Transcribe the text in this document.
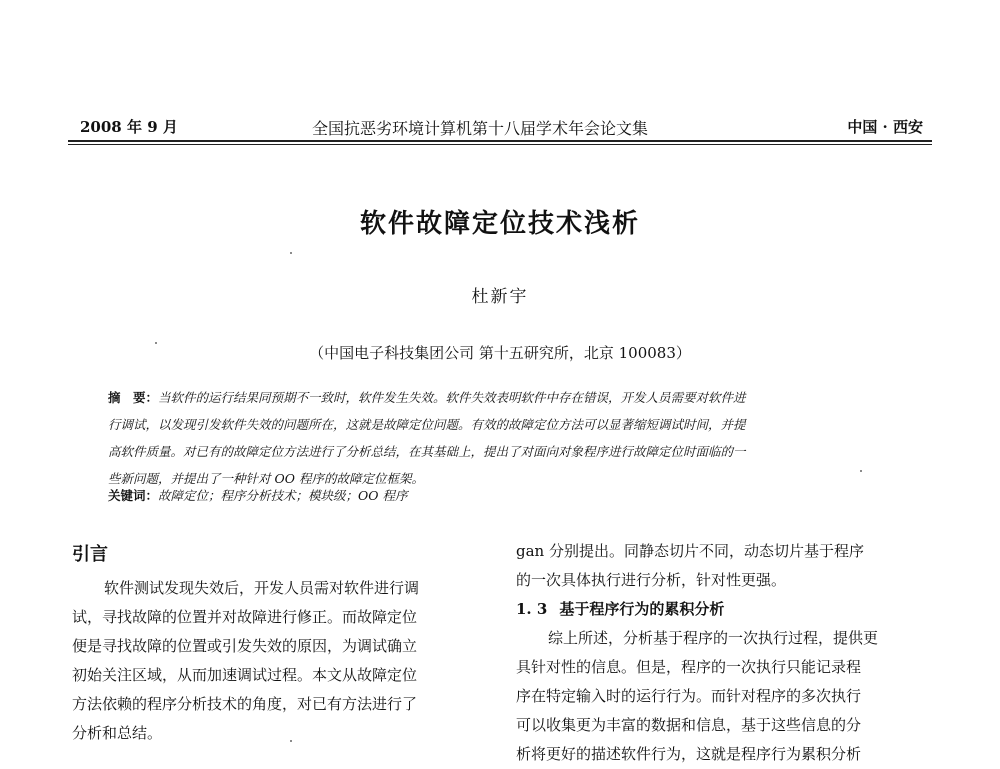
2008 年 9 月	全国抗恶劣环境计算机第十八届学术年会论文集	中国 · 西安
软件故障定位技术浅析
杜新宇
（中国电子科技集团公司 第十五研究所，北京 100083）
摘　要：当软件的运行结果同预期不一致时，软件发生失效。软件失效表明软件中存在错误，开发人员需要对软件进
行调试，以发现引发软件失效的问题所在，这就是故障定位问题。有效的故障定位方法可以显著缩短调试时间，并提
高软件质量。对已有的故障定位方法进行了分析总结，在其基础上，提出了对面向对象程序进行故障定位时面临的一
些新问题，并提出了一种针对 OO 程序的故障定位框架。
关键词：故障定位；程序分析技术；模块级；OO 程序
引言
软件测试发现失效后，开发人员需对软件进行调
试，寻找故障的位置并对故障进行修正。而故障定位
便是寻找故障的位置或引发失效的原因，为调试确立
初始关注区域，从而加速调试过程。本文从故障定位
方法依赖的程序分析技术的角度，对已有方法进行了
分析和总结。
gan 分别提出。同静态切片不同，动态切片基于程序
的一次具体执行进行分析，针对性更强。
1. 3 基于程序行为的累积分析
综上所述，分析基于程序的一次执行过程，提供更
具针对性的信息。但是，程序的一次执行只能记录程
序在特定输入时的运行行为。而针对程序的多次执行
可以收集更为丰富的数据和信息，基于这些信息的分
析将更好的描述软件行为，这就是程序行为累积分析
